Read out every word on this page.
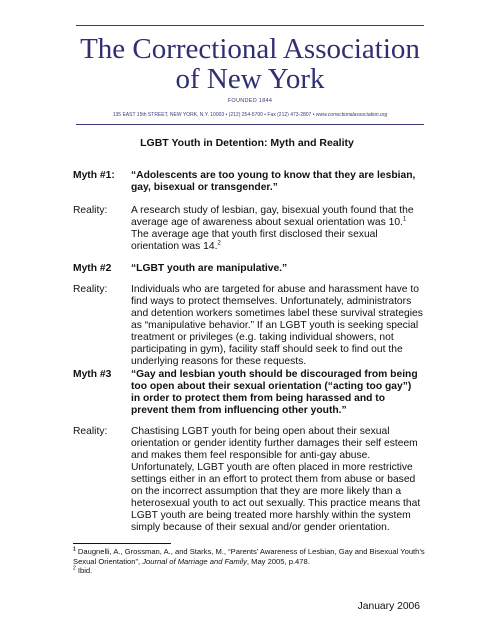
The Correctional Association
of New York
FOUNDED 1844
135 EAST 15th STREET, NEW YORK, N.Y. 10003 • (212) 254-5700 • Fax (212) 473-2807 • www.correctionalassociation.org
LGBT Youth in Detention: Myth and Reality
Myth #1: “Adolescents are too young to know that they are lesbian, gay, bisexual or transgender.”
Reality: A research study of lesbian, gay, bisexual youth found that the average age of awareness about sexual orientation was 10.$^1$ The average age that youth first disclosed their sexual orientation was 14.$^2$
Myth #2 “LGBT youth are manipulative.”
Reality: Individuals who are targeted for abuse and harassment have to find ways to protect themselves. Unfortunately, administrators and detention workers sometimes label these survival strategies as “manipulative behavior.” If an LGBT youth is seeking special treatment or privileges (e.g. taking individual showers, not participating in gym), facility staff should seek to find out the underlying reasons for these requests.
Myth #3 “Gay and lesbian youth should be discouraged from being too open about their sexual orientation (“acting too gay”) in order to protect them from being harassed and to prevent them from influencing other youth.”
Reality: Chastising LGBT youth for being open about their sexual orientation or gender identity further damages their self esteem and makes them feel responsible for anti-gay abuse. Unfortunately, LGBT youth are often placed in more restrictive settings either in an effort to protect them from abuse or based on the incorrect assumption that they are more likely than a heterosexual youth to act out sexually. This practice means that LGBT youth are being treated more harshly within the system simply because of their sexual and/or gender orientation.
$^1$ Daugnelli, A., Grossman, A., and Starks, M., “Parents’ Awareness of Lesbian, Gay and Bisexual Youth’s Sexual Orientation”, Journal of Marriage and Family, May 2005, p.478.
$^2$ Ibid.
January 2006
